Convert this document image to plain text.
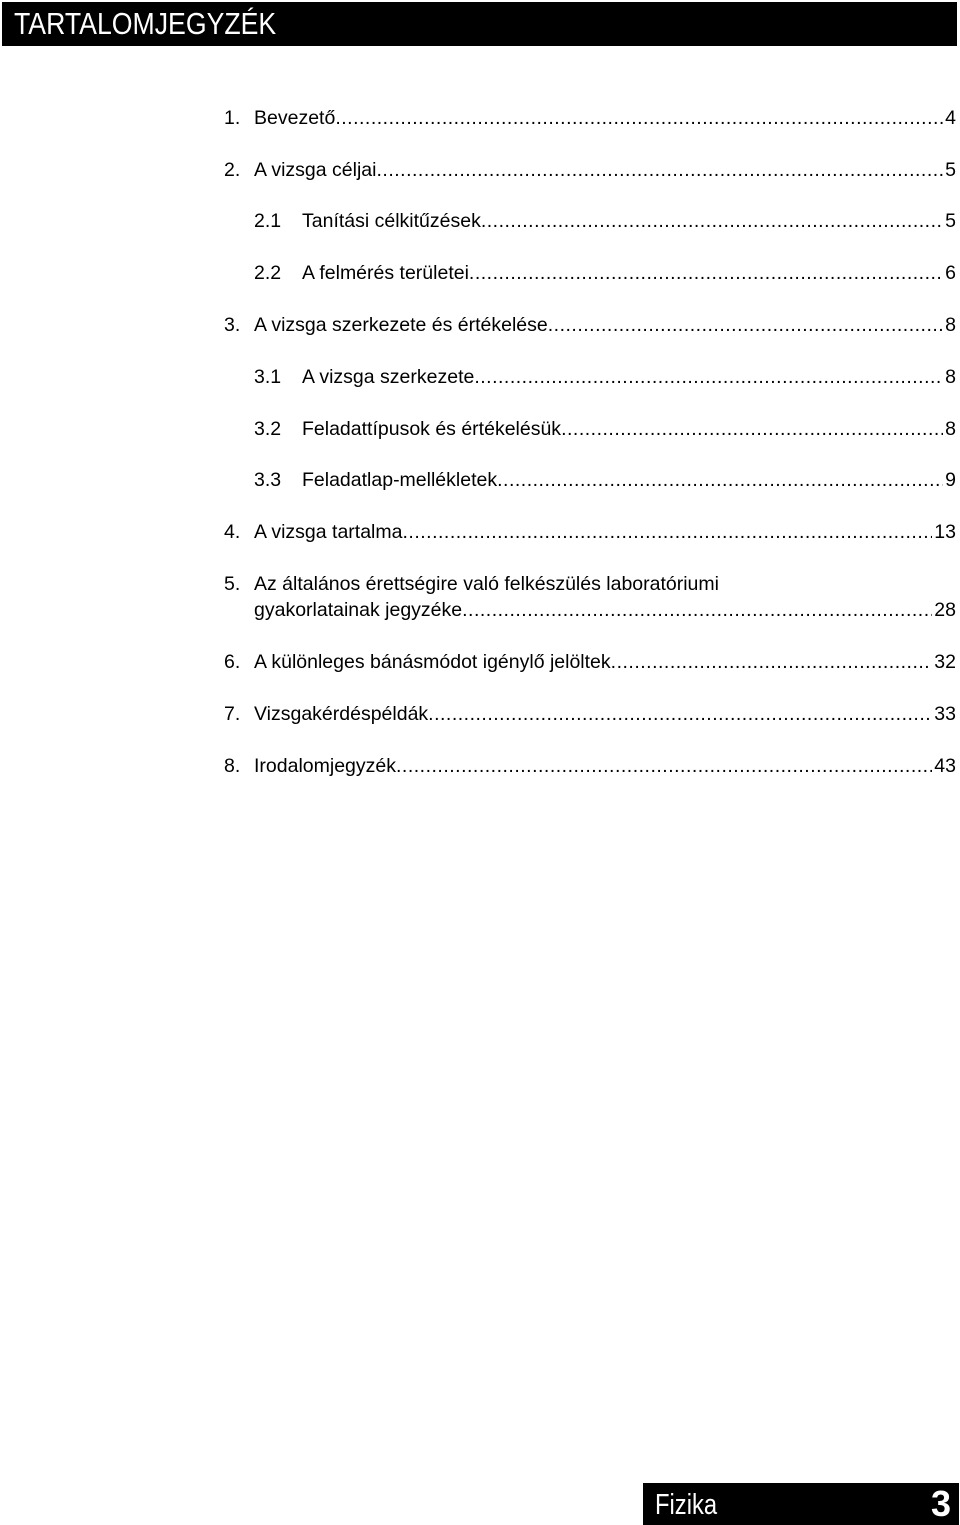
TARTALOMJEGYZÉK
1. Bevezető .....	4
2. A vizsga céljai .....	5
2.1	Tanítási célkitűzések .....	5
2.2	A felmérés területei .....	6
3. A vizsga szerkezete és értékelése .....	8
3.1	A vizsga szerkezete .....	8
3.2	Feladattípusok és értékelésük .....	8
3.3	Feladatlap-mellékletek .....	9
4. A vizsga tartalma .....	13
5. Az általános érettségire való felkészülés laboratóriumi
gyakorlatainak jegyzéke .....	28
6. A különleges bánásmódot igénylő jelöltek .....	32
7. Vizsgakérdéspéldák .....	33
8. Irodalomjegyzék .....	43
Fizika	3
